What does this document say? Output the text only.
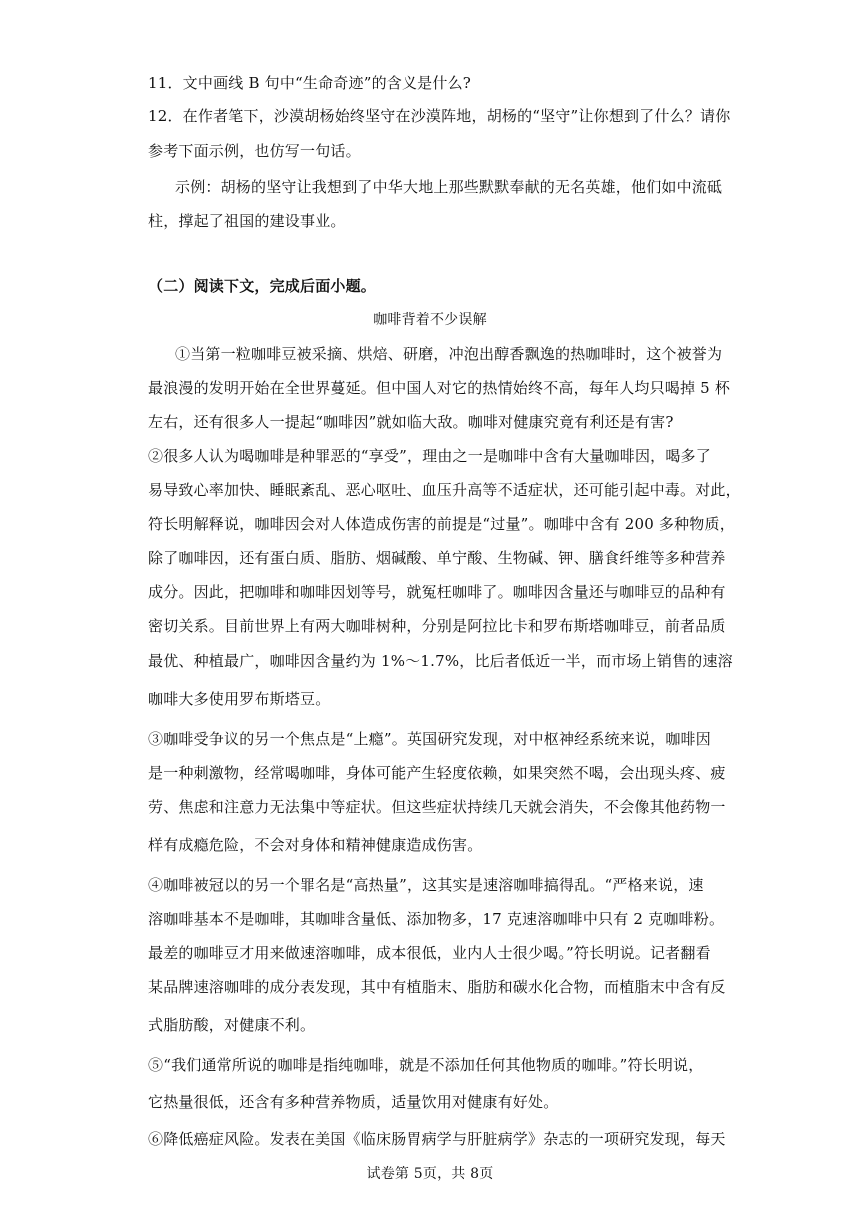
11．文中画线 B 句中“生命奇迹”的含义是什么?
12．在作者笔下，沙漠胡杨始终坚守在沙漠阵地，胡杨的“坚守”让你想到了什么？请你
参考下面示例，也仿写一句话。
示例：胡杨的坚守让我想到了中华大地上那些默默奉献的无名英雄，他们如中流砥
柱，撑起了祖国的建设事业。
（二）阅读下文，完成后面小题。
咖啡背着不少误解
①当第一粒咖啡豆被采摘、烘焙、研磨，冲泡出醇香飘逸的热咖啡时，这个被誉为
最浪漫的发明开始在全世界蔓延。但中国人对它的热情始终不高，每年人均只喝掉 5 杯
左右，还有很多人一提起“咖啡因”就如临大敌。咖啡对健康究竟有利还是有害?
②很多人认为喝咖啡是种罪恶的“享受”，理由之一是咖啡中含有大量咖啡因，喝多了
易导致心率加快、睡眠紊乱、恶心呕吐、血压升高等不适症状，还可能引起中毒。对此，
符长明解释说，咖啡因会对人体造成伤害的前提是“过量”。咖啡中含有 200 多种物质，
除了咖啡因，还有蛋白质、脂肪、烟碱酸、单宁酸、生物碱、钾、膳食纤维等多种营养
成分。因此，把咖啡和咖啡因划等号，就冤枉咖啡了。咖啡因含量还与咖啡豆的品种有
密切关系。目前世界上有两大咖啡树种，分别是阿拉比卡和罗布斯塔咖啡豆，前者品质
最优、种植最广，咖啡因含量约为 1%～1.7%，比后者低近一半，而市场上销售的速溶
咖啡大多使用罗布斯塔豆。
③咖啡受争议的另一个焦点是“上瘾”。英国研究发现，对中枢神经系统来说，咖啡因
是一种刺激物，经常喝咖啡，身体可能产生轻度依赖，如果突然不喝，会出现头疼、疲
劳、焦虑和注意力无法集中等症状。但这些症状持续几天就会消失，不会像其他药物一
样有成瘾危险，不会对身体和精神健康造成伤害。
④咖啡被冠以的另一个罪名是“高热量”，这其实是速溶咖啡搞得乱。“严格来说，速
溶咖啡基本不是咖啡，其咖啡含量低、添加物多，17 克速溶咖啡中只有 2 克咖啡粉。
最差的咖啡豆才用来做速溶咖啡，成本很低，业内人士很少喝。”符长明说。记者翻看
某品牌速溶咖啡的成分表发现，其中有植脂末、脂肪和碳水化合物，而植脂末中含有反
式脂肪酸，对健康不利。
⑤“我们通常所说的咖啡是指纯咖啡，就是不添加任何其他物质的咖啡。”符长明说，
它热量很低，还含有多种营养物质，适量饮用对健康有好处。
⑥降低癌症风险。发表在美国《临床肠胃病学与肝脏病学》杂志的一项研究发现，每天
试卷第 5页，共 8页
